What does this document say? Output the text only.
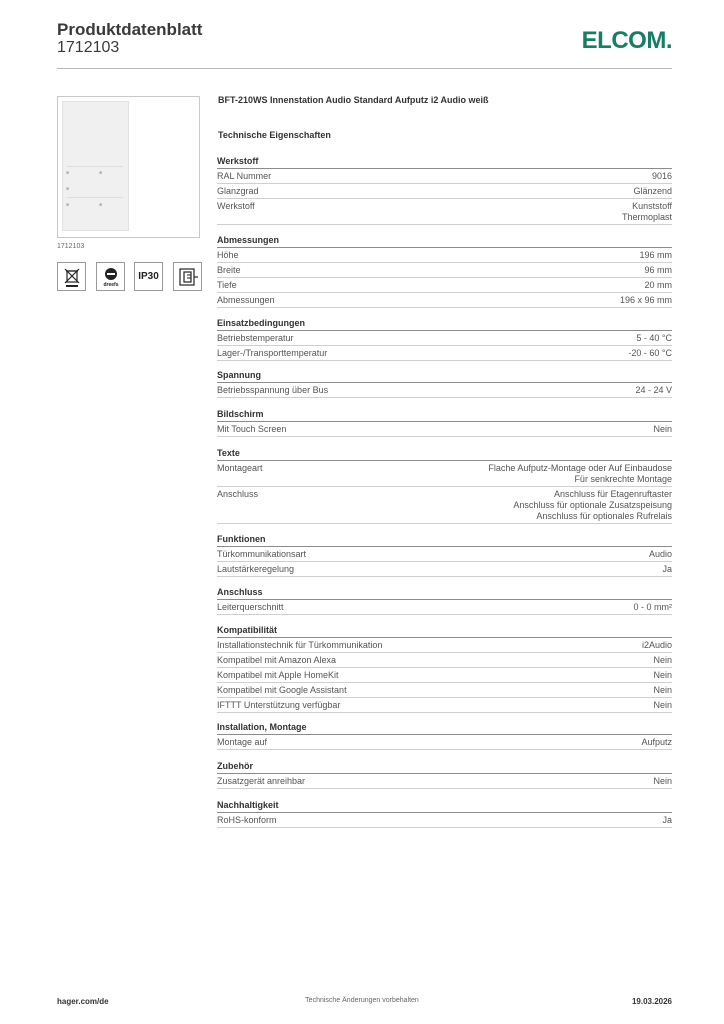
Produktdatenblatt
1712103	ELCOM.
■
■
■
■
■
1712103
dreefs
IP30
BFT-210WS Innenstation Audio Standard Aufputz i2 Audio weiß
Technische Eigenschaften
Werkstoff
RAL Nummer	9016
Glanzgrad	Glänzend
Werkstoff	Kunststoff
Thermoplast
Abmessungen
Höhe	196 mm
Breite	96 mm
Tiefe	20 mm
Abmessungen	196 x 96 mm
Einsatzbedingungen
Betriebstemperatur	5 - 40 °C
Lager-/Transporttemperatur	-20 - 60 °C
Spannung
Betriebsspannung über Bus	24 - 24 V
Bildschirm
Mit Touch Screen	Nein
Texte
Montageart	Flache Aufputz-Montage oder Auf Einbaudose
Für senkrechte Montage
Anschluss	Anschluss für Etagenruftaster
Anschluss für optionale Zusatzspeisung
Anschluss für optionales Rufrelais
Funktionen
Türkommunikationsart	Audio
Lautstärkeregelung	Ja
Anschluss
Leiterquerschnitt	0 - 0 mm²
Kompatibilität
Installationstechnik für Türkommunikation	i2Audio
Kompatibel mit Amazon Alexa	Nein
Kompatibel mit Apple HomeKit	Nein
Kompatibel mit Google Assistant	Nein
IFTTT Unterstützung verfügbar	Nein
Installation, Montage
Montage auf	Aufputz
Zubehör
Zusatzgerät anreihbar	Nein
Nachhaltigkeit
RoHS-konform	Ja
hager.com/de	Technische Änderungen vorbehalten	19.03.2026
